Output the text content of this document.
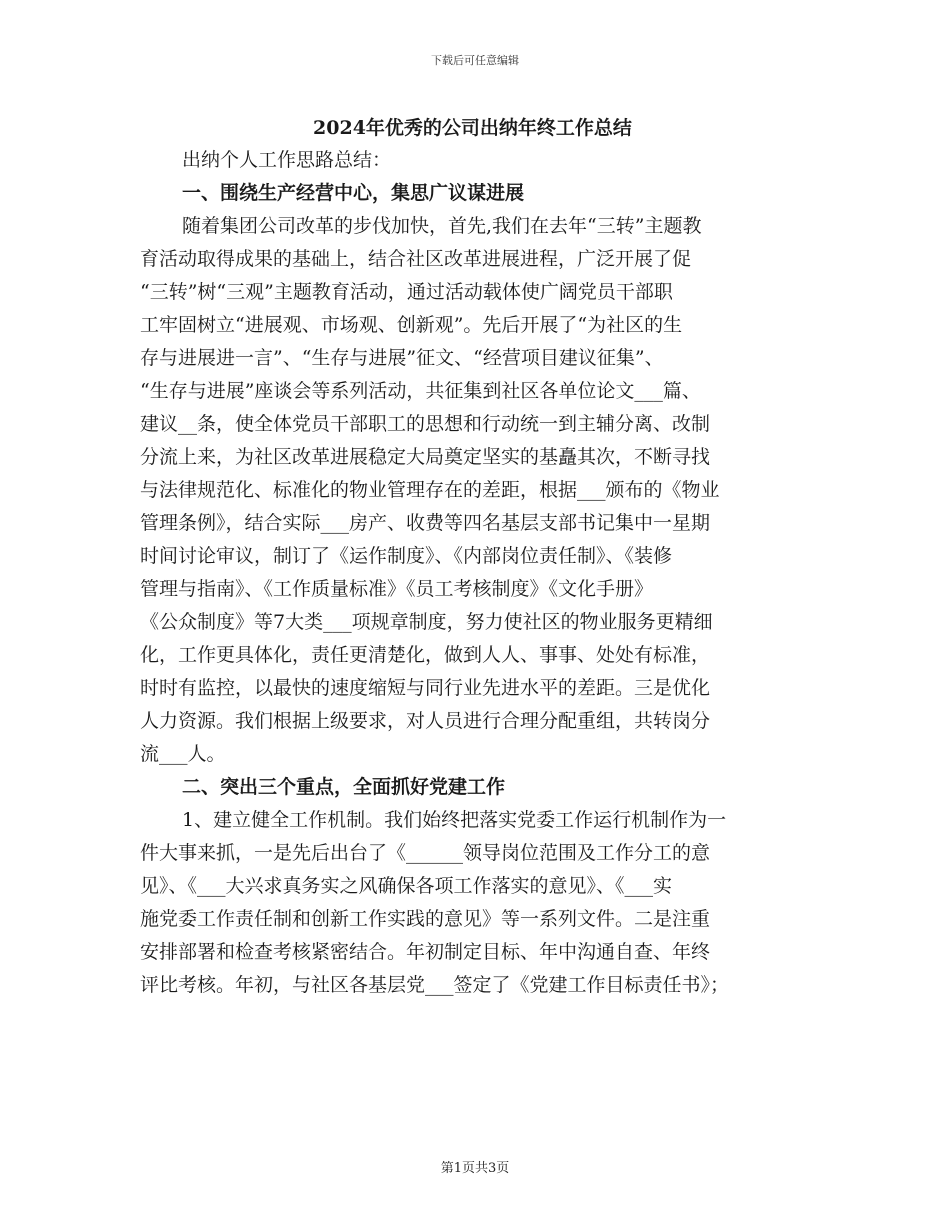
下载后可任意编辑
2024年优秀的公司出纳年终工作总结
出纳个人工作思路总结：
一、围绕生产经营中心，集思广议谋进展
随着集团公司改革的步伐加快，首先,我们在去年“三转”主题教
育活动取得成果的基础上，结合社区改革进展进程，广泛开展了促
“三转”树“三观”主题教育活动，通过活动载体使广阔党员干部职
工牢固树立“进展观、市场观、创新观”。先后开展了“为社区的生
存与进展进一言”、“生存与进展”征文、“经营项目建议征集”、
“生存与进展”座谈会等系列活动，共征集到社区各单位论文___篇、
建议__条，使全体党员干部职工的思想和行动统一到主辅分离、改制
分流上来，为社区改革进展稳定大局奠定坚实的基矗其次，不断寻找
与法律规范化、标准化的物业管理存在的差距，根据___颁布的《物业
管理条例》，结合实际___房产、收费等四名基层支部书记集中一星期
时间讨论审议，制订了《运作制度》、《内部岗位责任制》、《装修
管理与指南》、《工作质量标准》《员工考核制度》《文化手册》
《公众制度》等7大类___项规章制度，努力使社区的物业服务更精细
化，工作更具体化，责任更清楚化，做到人人、事事、处处有标准，
时时有监控，以最快的速度缩短与同行业先进水平的差距。三是优化
人力资源。我们根据上级要求，对人员进行合理分配重组，共转岗分
流___人。
二、突出三个重点，全面抓好党建工作
1、建立健全工作机制。我们始终把落实党委工作运行机制作为一
件大事来抓，一是先后出台了《______领导岗位范围及工作分工的意
见》、《___大兴求真务实之风确保各项工作落实的意见》、《___实
施党委工作责任制和创新工作实践的意见》等一系列文件。二是注重
安排部署和检查考核紧密结合。年初制定目标、年中沟通自查、年终
评比考核。年初，与社区各基层党___签定了《党建工作目标责任书》；
第1页共3页
